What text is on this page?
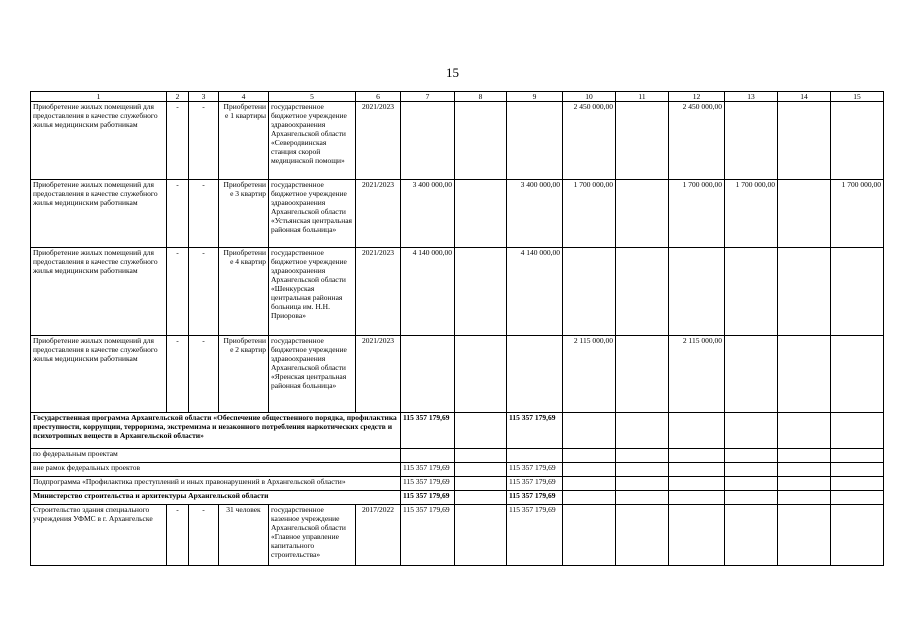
15
1	2	3	4	5	6	7	8	9	10	11	12	13	14	15
Приобретение жилых помещений для предоставления в качестве служебного жилья медицинским работникам	-	-	Приобретение 1 квартиры	государственное бюджетное учреждение здравоохранения Архангельской области «Северодвинская станция скорой медицинской помощи»	2021/2023				2 450 000,00		2 450 000,00			
Приобретение жилых помещений для предоставления в качестве служебного жилья медицинским работникам	-	-	Приобретение 3 квартир	государственное бюджетное учреждение здравоохранения Архангельской области «Устьянская центральная районная больница»	2021/2023	3 400 000,00		3 400 000,00	1 700 000,00		1 700 000,00	1 700 000,00		1 700 000,00
Приобретение жилых помещений для предоставления в качестве служебного жилья медицинским работникам	-	-	Приобретение 4 квартир	государственное бюджетное учреждение здравоохранения Архангельской области «Шенкурская центральная районная больница им. Н.Н. Приорова»	2021/2023	4 140 000,00		4 140 000,00						
Приобретение жилых помещений для предоставления в качестве служебного жилья медицинским работникам	-	-	Приобретение 2 квартир	государственное бюджетное учреждение здравоохранения Архангельской области «Яренская центральная районная больница»	2021/2023				2 115 000,00		2 115 000,00			
Государственная программа Архангельской области «Обеспечение общественного порядка, профилактика преступности, коррупции, терроризма, экстремизма и незаконного потребления наркотических средств и психотропных веществ в Архангельской области»						115 357 179,69		115 357 179,69						
по федеральным проектам														
вне рамок федеральных проектов						115 357 179,69		115 357 179,69						
Подпрограмма «Профилактика преступлений и иных правонарушений в Архангельской области»						115 357 179,69		115 357 179,69						
Министерство строительства и архитектуры Архангельской области						115 357 179,69		115 357 179,69						
Строительство здания специального учреждения УФМС в г. Архангельске	-	-	31 человек	государственное казенное учреждение Архангельской области «Главное управление капитального строительства»	2017/2022	115 357 179,69		115 357 179,69						
